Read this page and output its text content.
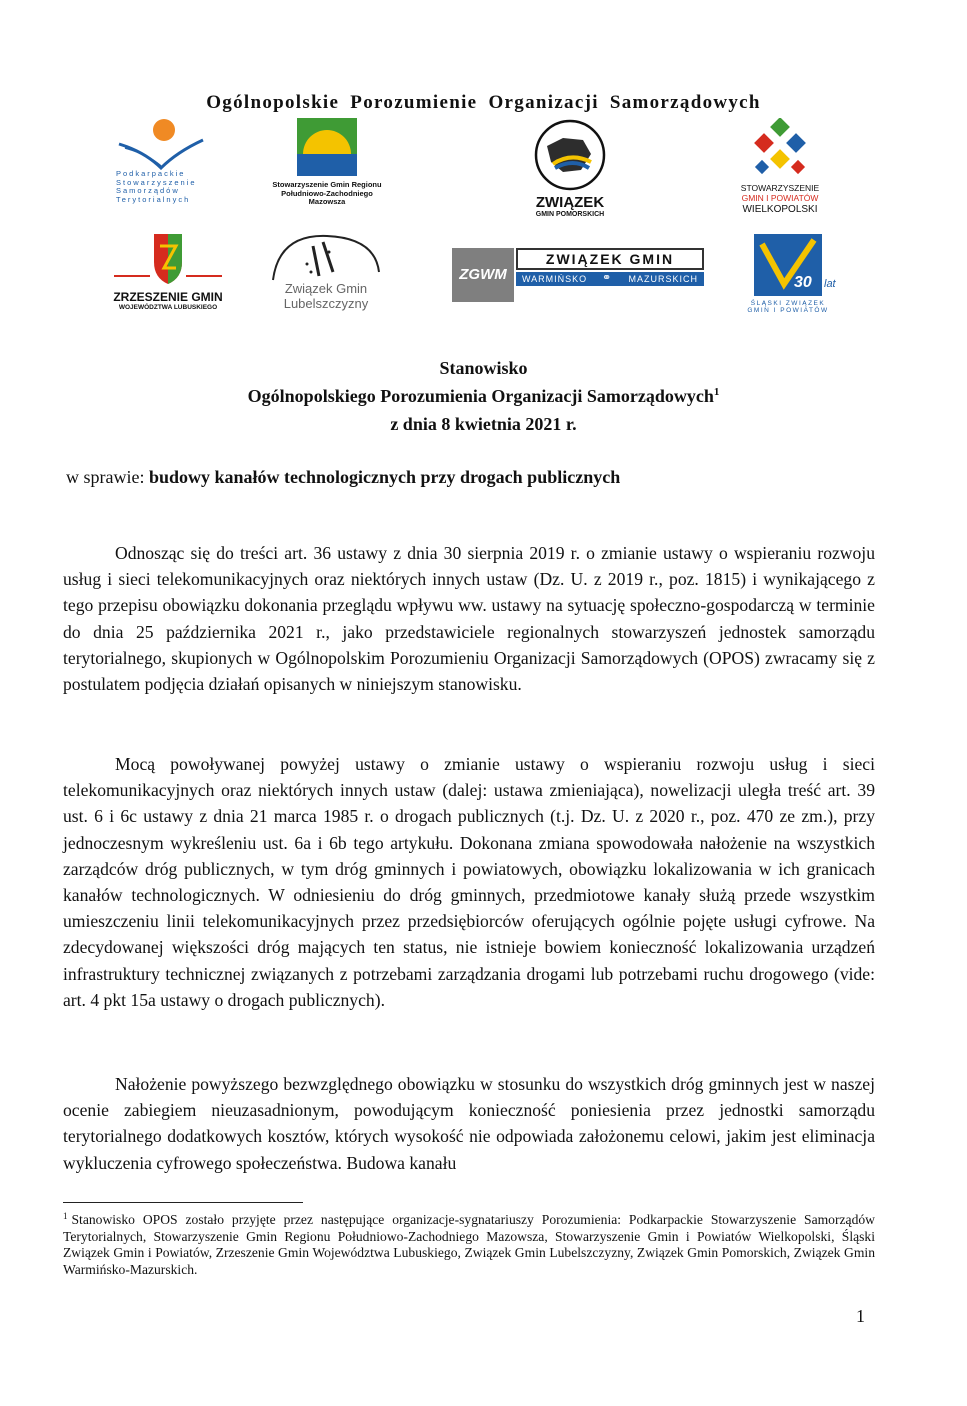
Ogólnopolskie Porozumienie Organizacji Samorządowych
Podkarpackie
Stowarzyszenie
Samorządów
Terytorialnych
Stowarzyszenie Gmin Regionu
Południowo-Zachodniego
Mazowsza	ZWIĄZEK
GMIN POMORSKICH
STOWARZYSZENIE
GMIN I POWIATÓW
WIELKOPOLSKI
ZRZESZENIE GMIN
WOJEWÓDZTWA LUBUSKIEGO
Związek Gmin
Lubelszczyzny
ZGWM
ZWIĄZEK GMIN
WARMIŃSKO ⚭ MAZURSKICH	30 lat
ŚLĄSKI ZWIĄZEK
GMIN I POWIATÓW
Stanowisko
Ogólnopolskiego Porozumienia Organizacji Samorządowych$^1$
z dnia 8 kwietnia 2021 r.
w sprawie: budowy kanałów technologicznych przy drogach publicznych

Odnosząc się do treści art. 36 ustawy z dnia 30 sierpnia 2019 r. o zmianie ustawy o wspieraniu rozwoju usług i sieci telekomunikacyjnych oraz niektórych innych ustaw (Dz. U. z 2019 r., poz. 1815) i wynikającego z tego przepisu obowiązku dokonania przeglądu wpływu ww. ustawy na sytuację społeczno-gospodarczą w terminie do dnia 25 października 2021 r., jako przedstawiciele regionalnych stowarzyszeń jednostek samorządu terytorialnego, skupionych w Ogólnopolskim Porozumieniu Organizacji Samorządowych (OPOS) zwracamy się z postulatem podjęcia działań opisanych w niniejszym stanowisku.

Mocą powoływanej powyżej ustawy o zmianie ustawy o wspieraniu rozwoju usług i sieci telekomunikacyjnych oraz niektórych innych ustaw (dalej: ustawa zmieniająca), nowelizacji uległa treść art. 39 ust. 6 i 6c ustawy z dnia 21 marca 1985 r. o drogach publicznych (t.j. Dz. U. z 2020 r., poz. 470 ze zm.), przy jednoczesnym wykreśleniu ust. 6a i 6b tego artykułu. Dokonana zmiana spowodowała nałożenie na wszystkich zarządców dróg publicznych, w tym dróg gminnych i powiatowych, obowiązku lokalizowania w ich granicach kanałów technologicznych. W odniesieniu do dróg gminnych, przedmiotowe kanały służą przede wszystkim umieszczeniu linii telekomunikacyjnych przez przedsiębiorców oferujących ogólnie pojęte usługi cyfrowe. Na zdecydowanej większości dróg mających ten status, nie istnieje bowiem konieczność lokalizowania urządzeń infrastruktury technicznej związanych z potrzebami zarządzania drogami lub potrzebami ruchu drogowego (vide: art. 4 pkt 15a ustawy o drogach publicznych).

Nałożenie powyższego bezwzględnego obowiązku w stosunku do wszystkich dróg gminnych jest w naszej ocenie zabiegiem nieuzasadnionym, powodującym konieczność poniesienia przez jednostki samorządu terytorialnego dodatkowych kosztów, których wysokość nie odpowiada założonemu celowi, jakim jest eliminacja wykluczenia cyfrowego społeczeństwa. Budowa kanału

$^1$ Stanowisko OPOS zostało przyjęte przez następujące organizacje-sygnatariuszy Porozumienia: Podkarpackie Stowarzyszenie Samorządów Terytorialnych, Stowarzyszenie Gmin Regionu Południowo-Zachodniego Mazowsza, Stowarzyszenie Gmin i Powiatów Wielkopolski, Śląski Związek Gmin i Powiatów, Zrzeszenie Gmin Województwa Lubuskiego, Związek Gmin Lubelszczyzny, Związek Gmin Pomorskich, Związek Gmin Warmińsko-Mazurskich.

1
